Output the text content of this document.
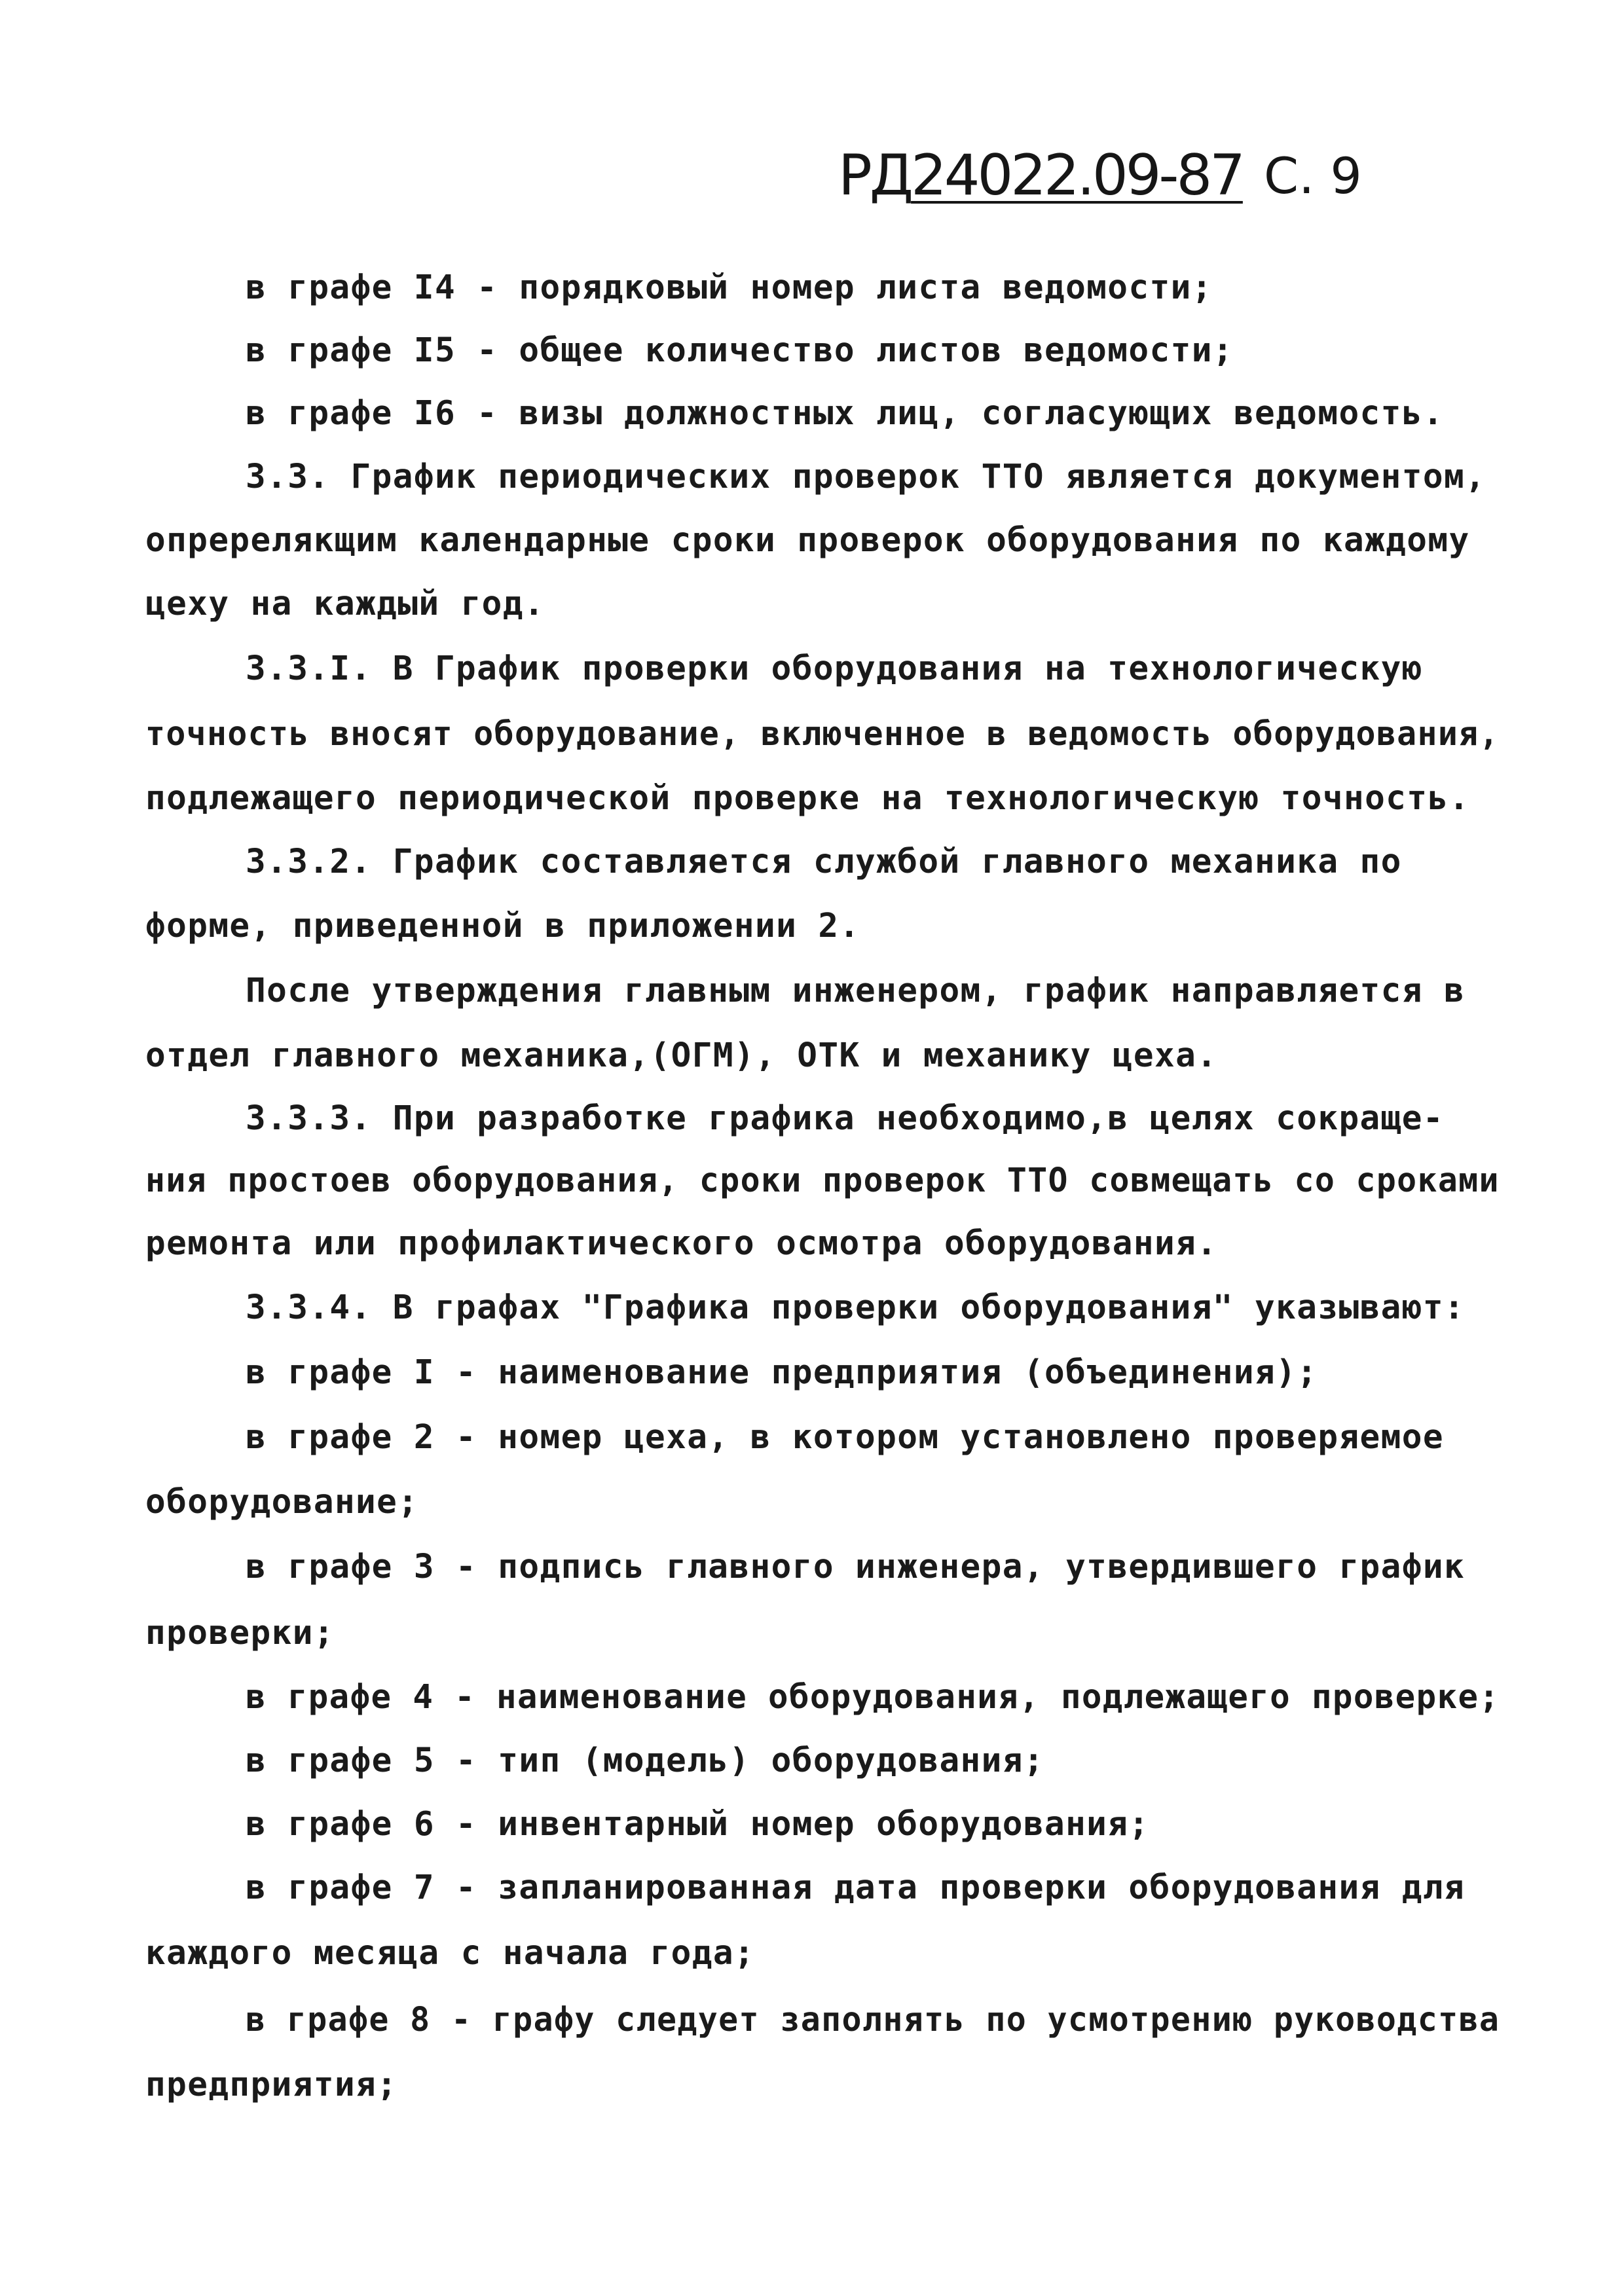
РД24022.09-87 С. 9
в графе I4 - порядковый номер листа ведомости;
в графе I5 - общее количество листов ведомости;
в графе I6 - визы должностных лиц, согласующих ведомость.
3.3. График периодических проверок ТТО является документом,
опререлякщим календарные сроки проверок оборудования по каждому
цеху на каждый год.
3.3.I. В График проверки оборудования на технологическую
точность вносят оборудование, включенное в ведомость оборудования,
подлежащего периодической проверке на технологическую точность.
3.3.2. График составляется службой главного механика по
форме, приведенной в приложении 2.
После утверждения главным инженером, график направляется в
отдел главного механика,(ОГМ), ОТК и механику цеха.
3.3.3. При разработке графика необходимо,в целях сокраще-
ния простоев оборудования, сроки проверок ТТО совмещать со сроками
ремонта или профилактического осмотра оборудования.
3.3.4. В графах "Графика проверки оборудования" указывают:
в графе I - наименование предприятия (объединения);
в графе 2 - номер цеха, в котором установлено проверяемое
оборудование;
в графе 3 - подпись главного инженера, утвердившего график
проверки;
в графе 4 - наименование оборудования, подлежащего проверке;
в графе 5 - тип (модель) оборудования;
в графе 6 - инвентарный номер оборудования;
в графе 7 - запланированная дата проверки оборудования для
каждого месяца с начала года;
в графе 8 - графу следует заполнять по усмотрению руководства
предприятия;
